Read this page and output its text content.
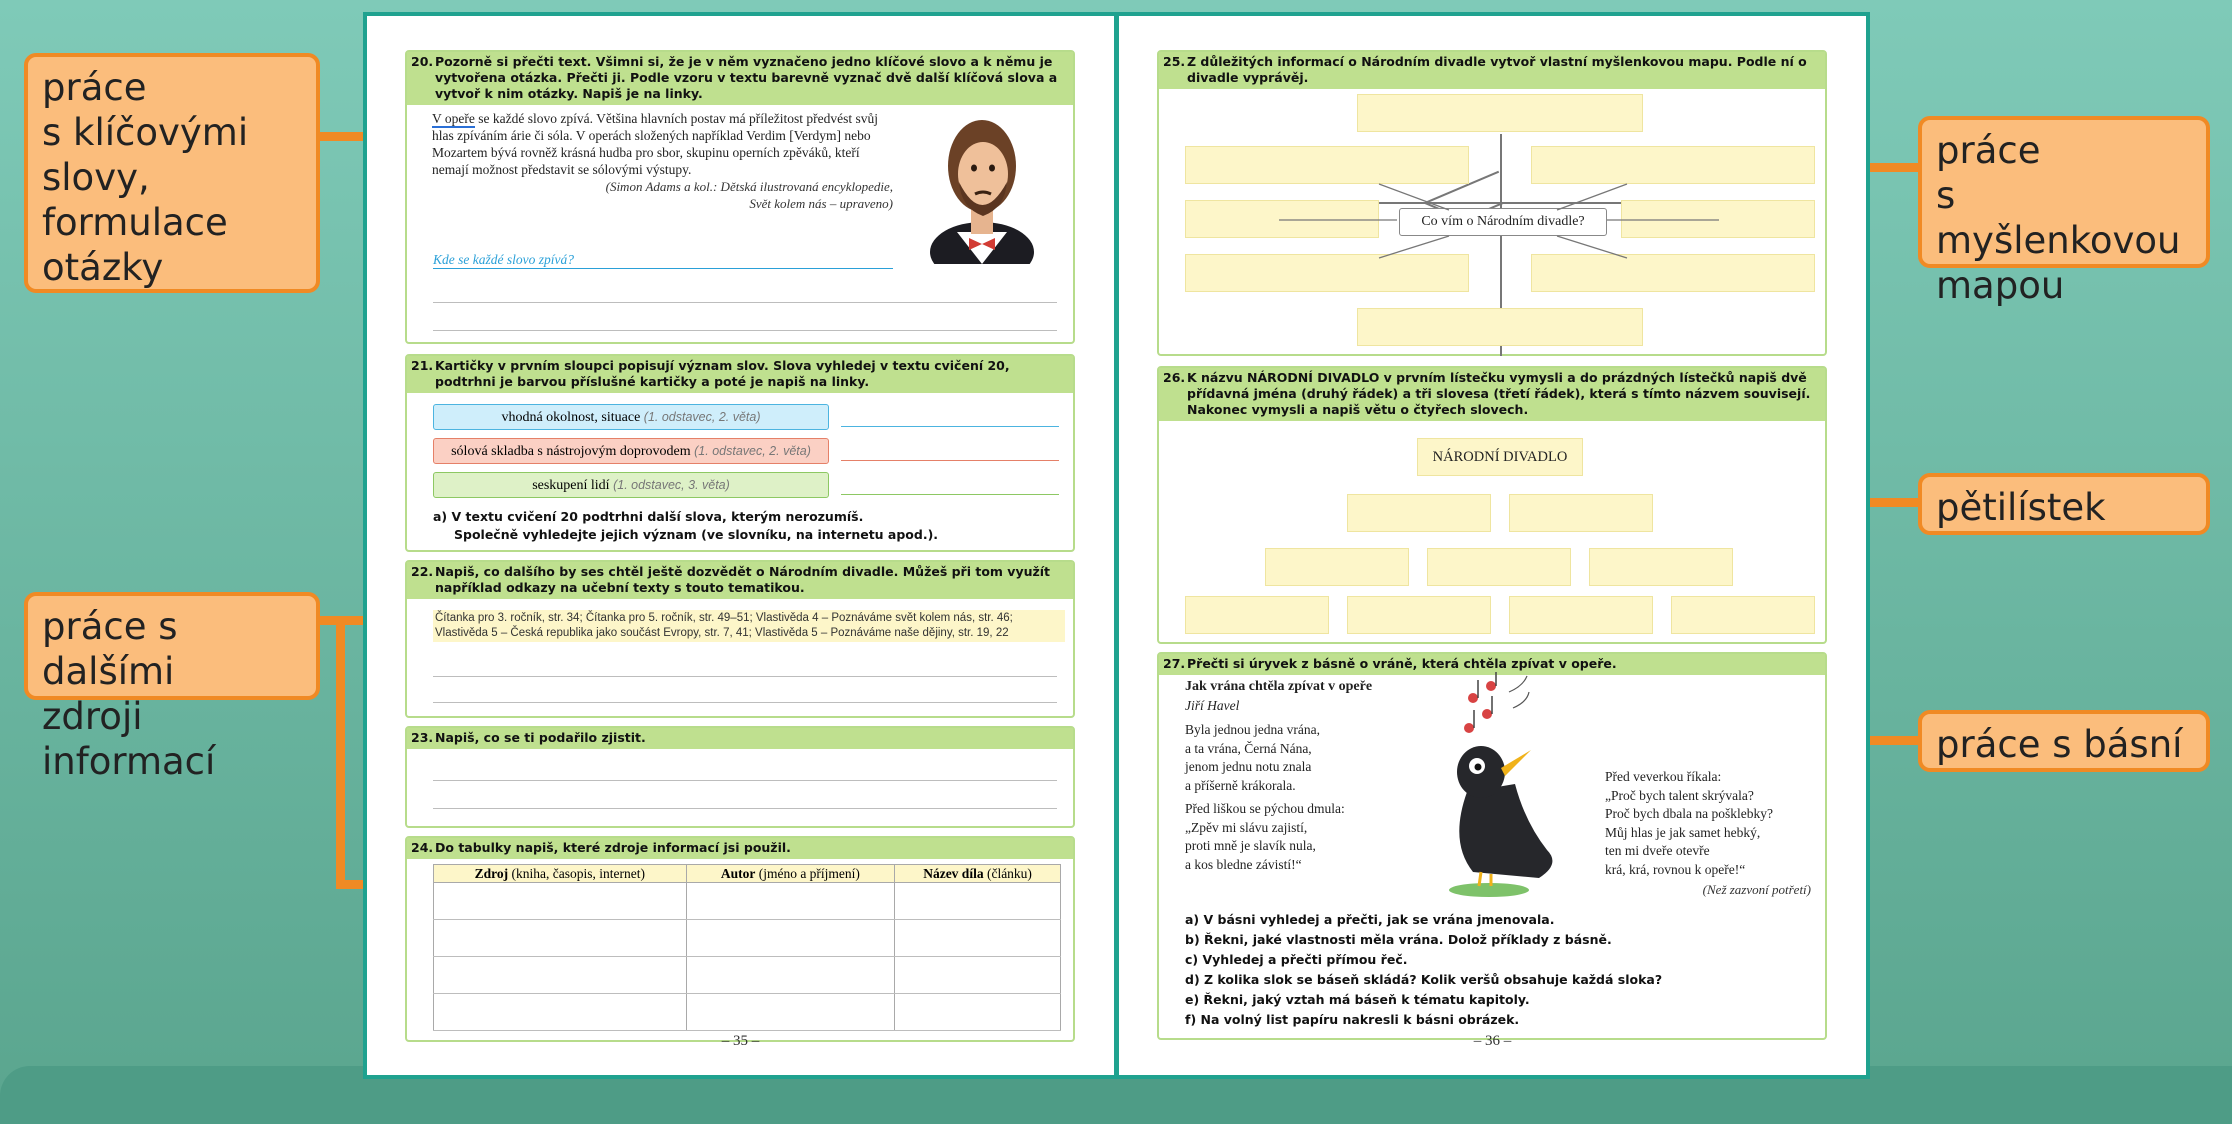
práce
s klíčovými
slovy,
formulace
otázky
práce s dalšími
zdroji informací
práce
s myšlenkovou
mapou
pětilístek
práce s básní
20. Pozorně si přečti text. Všimni si, že je v něm vyznačeno jedno klíčové slovo a k němu je vytvořena otázka. Přečti ji. Podle vzoru v textu barevně vyznač dvě další klíčová slova a vytvoř k nim otázky. Napiš je na linky.
V opeře se každé slovo zpívá. Většina hlavních postav má příležitost předvést svůj hlas zpíváním árie či sóla. V operách složených například Verdim [Verdym] nebo Mozartem bývá rovněž krásná hudba pro sbor, skupinu operních zpěváků, kteří nemají možnost představit se sólovými výstupy.
(Simon Adams a kol.: Dětská ilustrovaná encyklopedie,
Svět kolem nás – upraveno)
Kde se každé slovo zpívá?
21. Kartičky v prvním sloupci popisují význam slov. Slova vyhledej v textu cvičení 20, podtrhni je barvou příslušné kartičky a poté je napiš na linky.
vhodná okolnost, situace (1. odstavec, 2. věta)
sólová skladba s nástrojovým doprovodem (1. odstavec, 2. věta)
seskupení lidí (1. odstavec, 3. věta)
a) V textu cvičení 20 podtrhni další slova, kterým nerozumíš.
Společně vyhledejte jejich význam (ve slovníku, na internetu apod.).
22. Napiš, co dalšího by ses chtěl ještě dozvědět o Národním divadle. Můžeš při tom využít například odkazy na učební texty s touto tematikou.
Čítanka pro 3. ročník, str. 34; Čítanka pro 5. ročník, str. 49–51; Vlastivěda 4 – Poznáváme svět kolem nás, str. 46;
Vlastivěda 5 – Česká republika jako součást Evropy, str. 7, 41; Vlastivěda 5 – Poznáváme naše dějiny, str. 19, 22
23. Napiš, co se ti podařilo zjistit.
24. Do tabulky napiš, které zdroje informací jsi použil.
Zdroj (kniha, časopis, internet)	Autor (jméno a příjmení)	Název díla (článku)

– 35 –
25. Z důležitých informací o Národním divadle vytvoř vlastní myšlenkovou mapu. Podle ní o divadle vyprávěj.
Co vím o Národním divadle?
26. K názvu NÁRODNÍ DIVADLO v prvním lístečku vymysli a do prázdných lístečků napiš dvě přídavná jména (druhý řádek) a tři slovesa (třetí řádek), která s tímto názvem souvisejí. Nakonec vymysli a napiš větu o čtyřech slovech.
NÁRODNÍ DIVADLO
27. Přečti si úryvek z básně o vráně, která chtěla zpívat v opeře.
Jak vrána chtěla zpívat v opeře
Jiří Havel
Byla jednou jedna vrána,
a ta vrána, Černá Nána,
jenom jednu notu znala
a příšerně krákorala.
Před liškou se pýchou dmula:
„Zpěv mi slávu zajistí,
proti mně je slavík nula,
a kos bledne závistí!“
Před veverkou říkala:
„Proč bych talent skrývala?
Proč bych dbala na pošklebky?
Můj hlas je jak samet hebký,
ten mi dveře otevře
krá, krá, rovnou k opeře!“
(Než zazvoní potřetí)
a) V básni vyhledej a přečti, jak se vrána jmenovala.
b) Řekni, jaké vlastnosti měla vrána. Dolož příklady z básně.
c) Vyhledej a přečti přímou řeč.
d) Z kolika slok se báseň skládá? Kolik veršů obsahuje každá sloka?
e) Řekni, jaký vztah má báseň k tématu kapitoly.
f) Na volný list papíru nakresli k básni obrázek.
– 36 –
